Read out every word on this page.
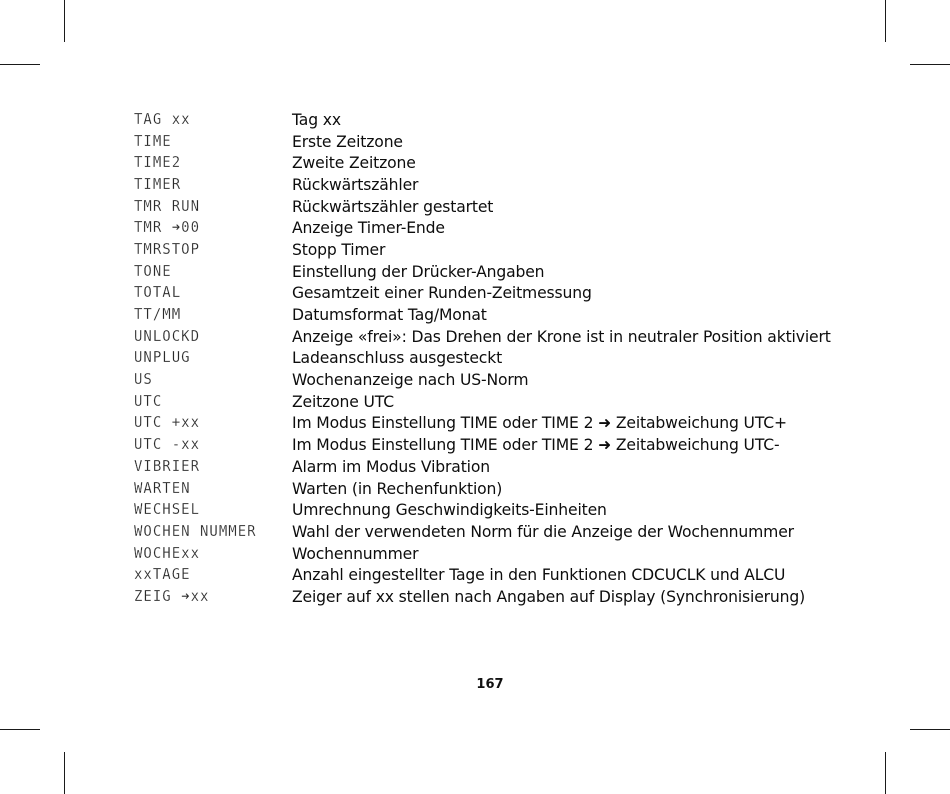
TAG xx	Tag xx
TIME	Erste Zeitzone
TIME2	Zweite Zeitzone
TIMER	Rückwärtszähler
TMR RUN	Rückwärtszähler gestartet
TMR ➜00	Anzeige Timer-Ende
TMRSTOP	Stopp Timer
TONE	Einstellung der Drücker-Angaben
TOTAL	Gesamtzeit einer Runden-Zeitmessung
TT/MM	Datumsformat Tag/Monat
UNLOCKD	Anzeige «frei»: Das Drehen der Krone ist in neutraler Position aktiviert
UNPLUG	Ladeanschluss ausgesteckt
US	Wochenanzeige nach US-Norm
UTC	Zeitzone UTC
UTC +xx	Im Modus Einstellung TIME oder TIME 2 ➜ Zeitabweichung UTC+
UTC -xx	Im Modus Einstellung TIME oder TIME 2 ➜ Zeitabweichung UTC-
VIBRIER	Alarm im Modus Vibration
WARTEN	Warten (in Rechenfunktion)
WECHSEL	Umrechnung Geschwindigkeits-Einheiten
WOCHEN NUMMER	Wahl der verwendeten Norm für die Anzeige der Wochennummer
WOCHExx	Wochennummer
xxTAGE	Anzahl eingestellter Tage in den Funktionen CDCUCLK und ALCU
ZEIG ➜xx	Zeiger auf xx stellen nach Angaben auf Display (Synchronisierung)
167
